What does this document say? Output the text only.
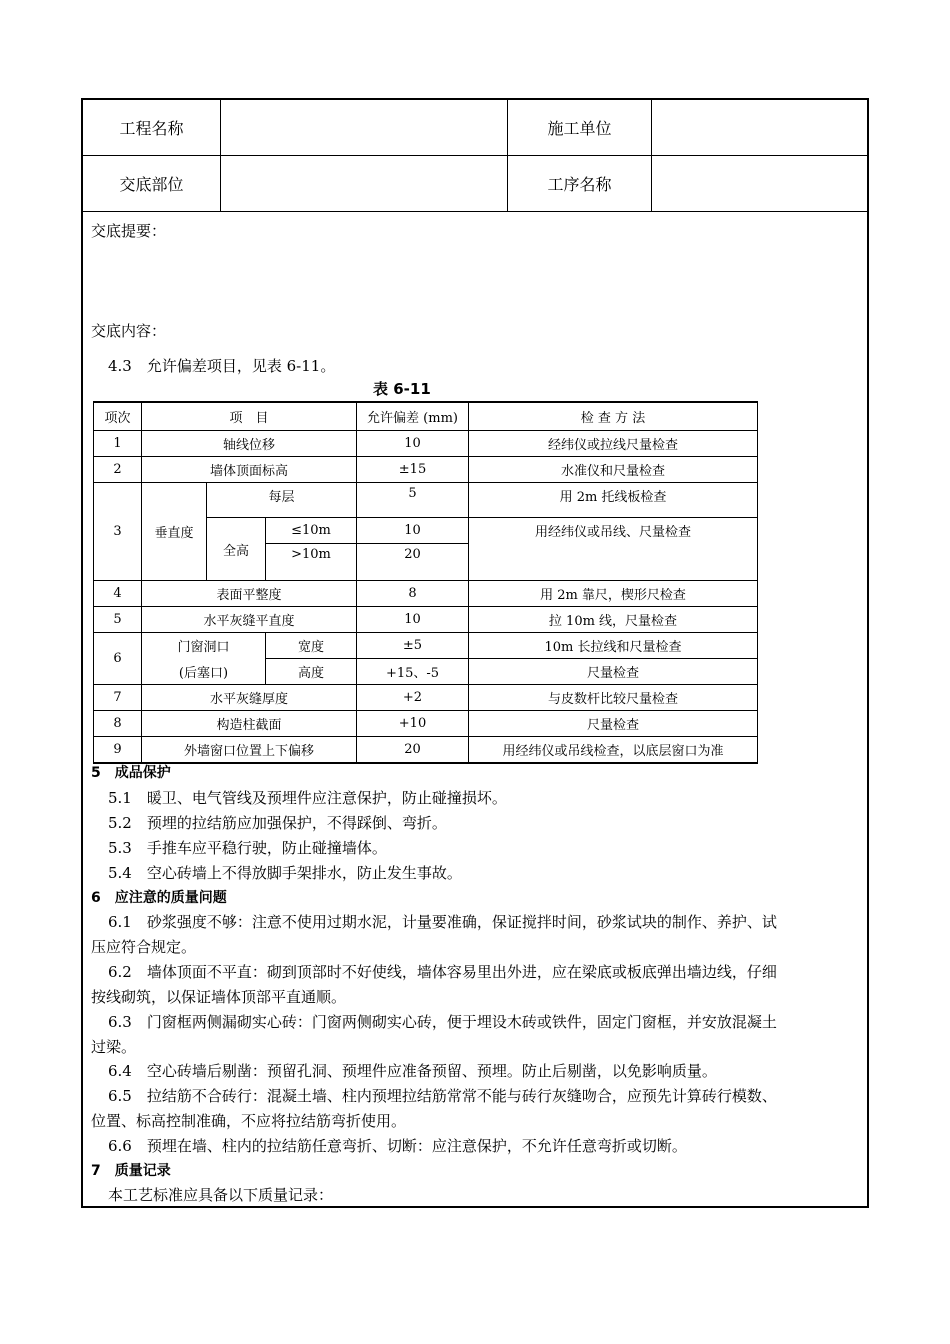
工程名称	施工单位
交底部位	工序名称
交底提要：
交底内容：
4.3　允许偏差项目，见表 6-11。
表 6-11
项次	项　目			允许偏差 (mm)	检 查 方 法
1	轴线位移			10	经纬仪或拉线尺量检查
2	墙体顶面标高			±15	水准仪和尺量检查
3	垂直度	每层		5	用 2m 托线板检查
		全高	≤10m	10	用经纬仪或吊线、尺量检查
			>10m	20	
4	表面平整度			8	用 2m 靠尺，楔形尺检查
5	水平灰缝平直度			10	拉 10m 线，尺量检查
6	门窗洞口		宽度	±5	10m 长拉线和尺量检查
	(后塞口)		高度	+15、-5	尺量检查
7	水平灰缝厚度			+2	与皮数杆比较尺量检查
8	构造柱截面			+10	尺量检查
9	外墙窗口位置上下偏移			20	用经纬仪或吊线检查，以底层窗口为准
5　成品保护
5.1　暖卫、电气管线及预埋件应注意保护，防止碰撞损坏。
5.2　预埋的拉结筋应加强保护，不得踩倒、弯折。
5.3　手推车应平稳行驶，防止碰撞墙体。
5.4　空心砖墙上不得放脚手架排水，防止发生事故。
6　应注意的质量问题
6.1　砂浆强度不够：注意不使用过期水泥，计量要准确，保证搅拌时间，砂浆试块的制作、养护、试
压应符合规定。
6.2　墙体顶面不平直：砌到顶部时不好使线，墙体容易里出外进，应在梁底或板底弹出墙边线，仔细
按线砌筑，以保证墙体顶部平直通顺。
6.3　门窗框两侧漏砌实心砖：门窗两侧砌实心砖，便于埋设木砖或铁件，固定门窗框，并安放混凝土
过梁。
6.4　空心砖墙后剔凿：预留孔洞、预埋件应准备预留、预埋。防止后剔凿，以免影响质量。
6.5　拉结筋不合砖行：混凝土墙、柱内预埋拉结筋常常不能与砖行灰缝吻合，应预先计算砖行模数、
位置、标高控制准确，不应将拉结筋弯折使用。
6.6　预埋在墙、柱内的拉结筋任意弯折、切断：应注意保护，不允许任意弯折或切断。
7　质量记录
本工艺标准应具备以下质量记录：
